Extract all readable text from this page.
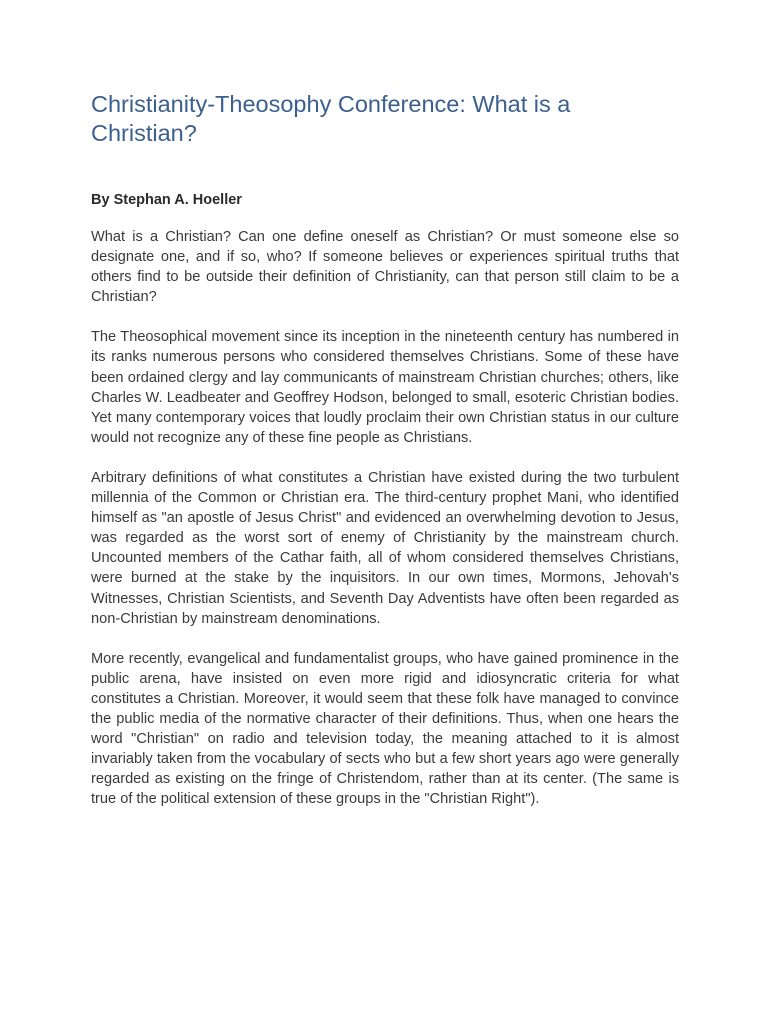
Christianity-Theosophy Conference: What is a Christian?

By Stephan A. Hoeller

What is a Christian? Can one define oneself as Christian? Or must someone else so designate one, and if so, who? If someone believes or experiences spiritual truths that others find to be outside their definition of Christianity, can that person still claim to be a Christian?

The Theosophical movement since its inception in the nineteenth century has numbered in its ranks numerous persons who considered themselves Christians. Some of these have been ordained clergy and lay communicants of mainstream Christian churches; others, like Charles W. Leadbeater and Geoffrey Hodson, belonged to small, esoteric Christian bodies. Yet many contemporary voices that loudly proclaim their own Christian status in our culture would not recognize any of these fine people as Christians.

Arbitrary definitions of what constitutes a Christian have existed during the two turbulent millennia of the Common or Christian era. The third-century prophet Mani, who identified himself as "an apostle of Jesus Christ" and evidenced an overwhelming devotion to Jesus, was regarded as the worst sort of enemy of Christianity by the mainstream church. Uncounted members of the Cathar faith, all of whom considered themselves Christians, were burned at the stake by the inquisitors. In our own times, Mormons, Jehovah's Witnesses, Christian Scientists, and Seventh Day Adventists have often been regarded as non-Christian by mainstream denominations.

More recently, evangelical and fundamentalist groups, who have gained prominence in the public arena, have insisted on even more rigid and idiosyncratic criteria for what constitutes a Christian. Moreover, it would seem that these folk have managed to convince the public media of the normative character of their definitions. Thus, when one hears the word "Christian" on radio and television today, the meaning attached to it is almost invariably taken from the vocabulary of sects who but a few short years ago were generally regarded as existing on the fringe of Christendom, rather than at its center. (The same is true of the political extension of these groups in the "Christian Right").
